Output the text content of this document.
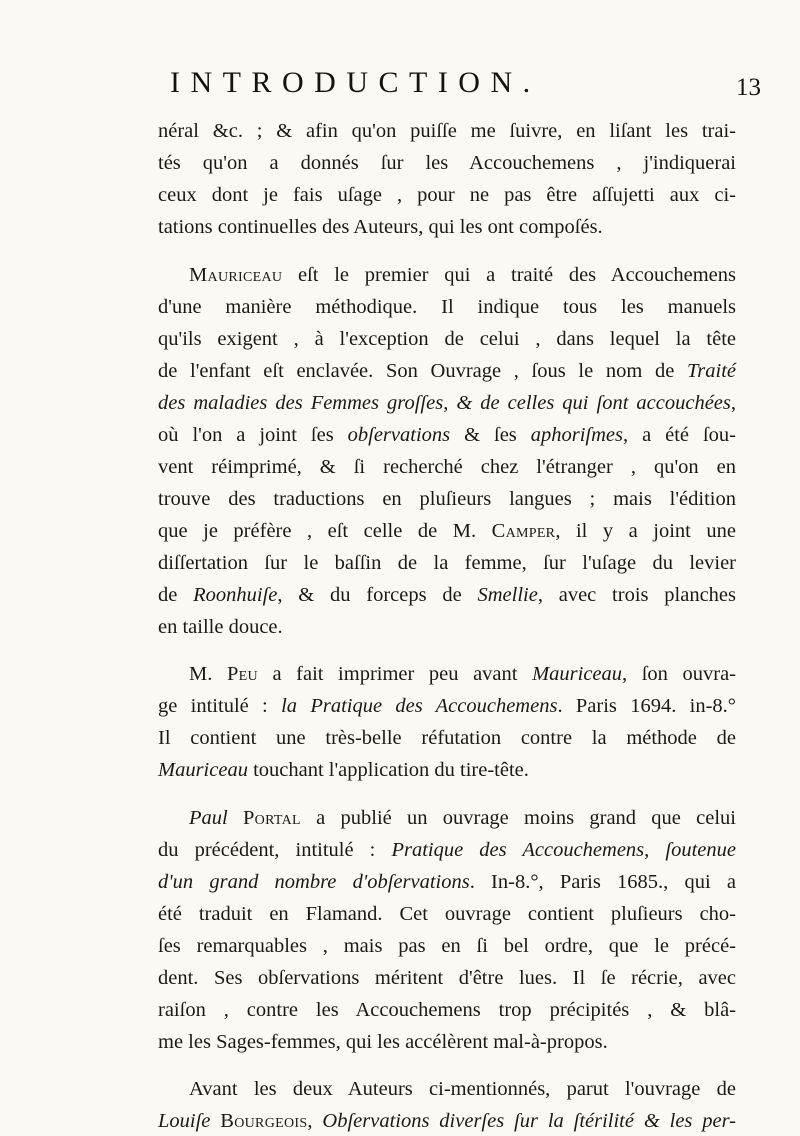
INTRODUCTION.	13
néral &c. ; & afin qu'on puiſſe me ſuivre, en liſant les trai-
tés qu'on a donnés ſur les Accouchemens , j'indiquerai
ceux dont je fais uſage , pour ne pas être aſſujetti aux ci-
tations continuelles des Auteurs, qui les ont compoſés.
Mauriceau eſt le premier qui a traité des Accouchemens
d'une manière méthodique. Il indique tous les manuels
qu'ils exigent , à l'exception de celui , dans lequel la tête
de l'enfant eſt enclavée. Son Ouvrage , ſous le nom de Traité
des maladies des Femmes groſſes, & de celles qui ſont accouchées,
où l'on a joint ſes obſervations & ſes aphoriſmes, a été ſou-
vent réimprimé, & ſi recherché chez l'étranger , qu'on en
trouve des traductions en pluſieurs langues ; mais l'édition
que je préfère , eſt celle de M. Camper, il y a joint une
diſſertation ſur le baſſin de la femme, ſur l'uſage du levier
de Roonhuiſe, & du forceps de Smellie, avec trois planches
en taille douce.
M. Peu a fait imprimer peu avant Mauriceau, ſon ouvra-
ge intitulé : la Pratique des Accouchemens. Paris 1694. in-8.°
Il contient une très-belle réfutation contre la méthode de
Mauriceau touchant l'application du tire-tête.
Paul Portal a publié un ouvrage moins grand que celui
du précédent, intitulé : Pratique des Accouchemens, ſoutenue
d'un grand nombre d'obſervations. In-8.°, Paris 1685., qui a
été traduit en Flamand. Cet ouvrage contient pluſieurs cho-
ſes remarquables , mais pas en ſi bel ordre, que le précé-
dent. Ses obſervations méritent d'être lues. Il ſe récrie, avec
raiſon , contre les Accouchemens trop précipités , & blâ-
me les Sages-femmes, qui les accélèrent mal-à-propos.
Avant les deux Auteurs ci-mentionnés, parut l'ouvrage de
Louiſe Bourgeois, Obſervations diverſes ſur la ſtérilité & les per-
